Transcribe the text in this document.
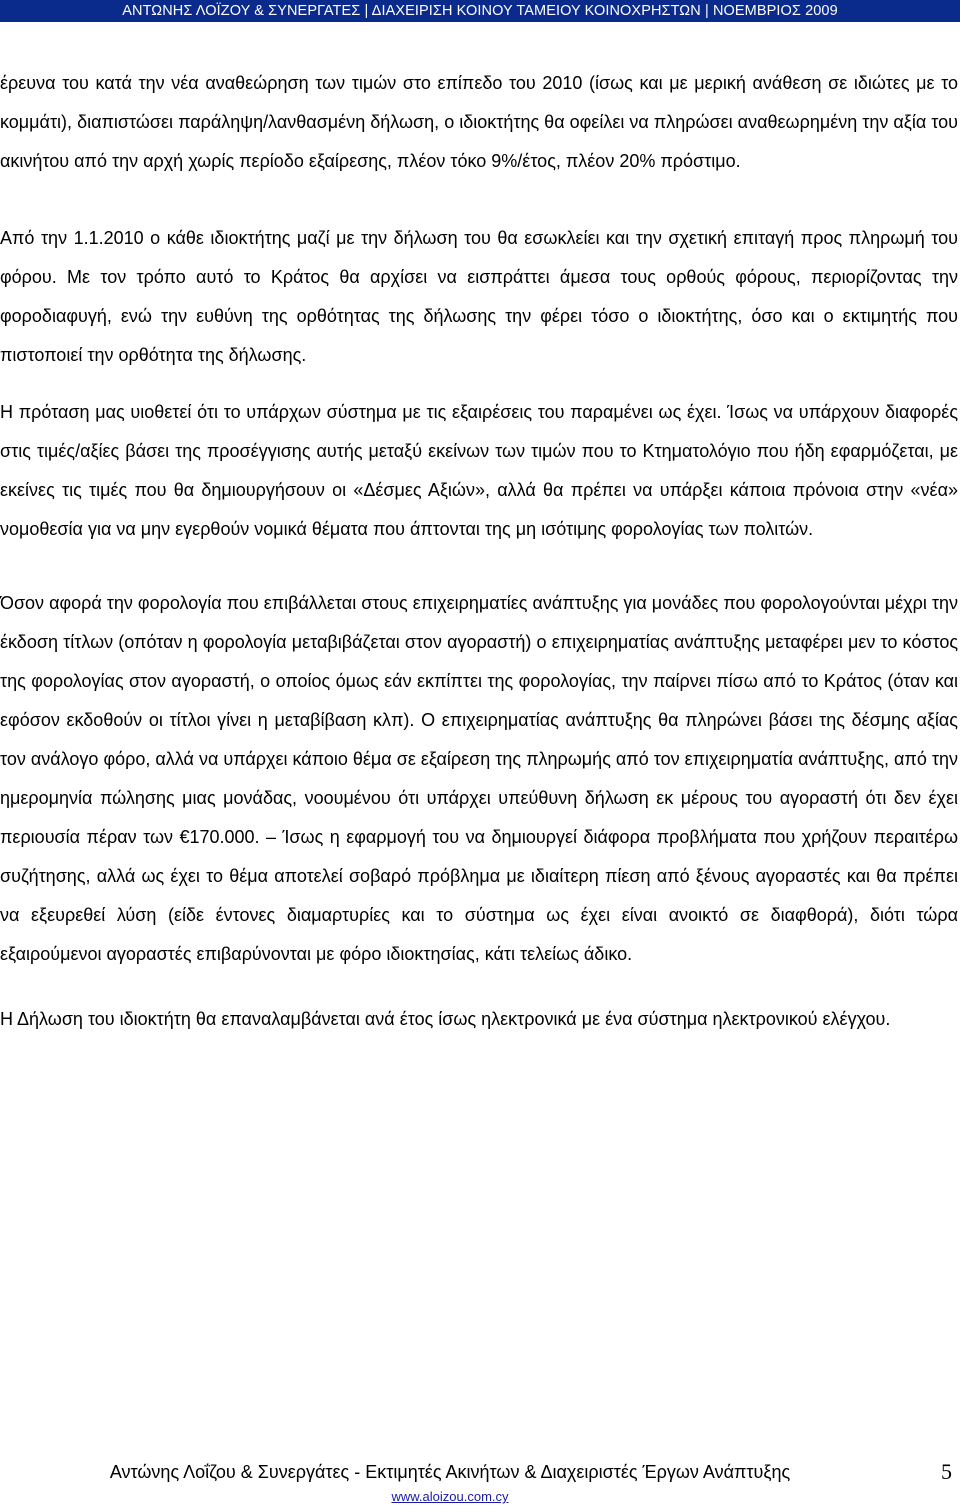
ΑΝΤΩΝΗΣ ΛΟΪΖΟΥ & ΣΥΝΕΡΓΑΤΕΣ | ΔΙΑΧΕΙΡΙΣΗ ΚΟΙΝΟΥ ΤΑΜΕΙΟΥ ΚΟΙΝΟΧΡΗΣΤΩΝ | ΝΟΕΜΒΡΙΟΣ 2009

έρευνα του κατά την νέα αναθεώρηση των τιμών στο επίπεδο του 2010 (ίσως και με μερική ανάθεση σε ιδιώτες με το κομμάτι), διαπιστώσει παράληψη/λανθασμένη δήλωση, ο ιδιοκτήτης θα οφείλει να πληρώσει αναθεωρημένη την αξία του ακινήτου από την αρχή χωρίς περίοδο εξαίρεσης, πλέον τόκο 9%/έτος, πλέον 20% πρόστιμο.

Από την 1.1.2010 ο κάθε ιδιοκτήτης μαζί με την δήλωση του θα εσωκλείει και την σχετική επιταγή προς πληρωμή του φόρου. Με τον τρόπο αυτό το Κράτος θα αρχίσει να εισπράττει άμεσα τους ορθούς φόρους, περιορίζοντας την φοροδιαφυγή, ενώ την ευθύνη της ορθότητας της δήλωσης την φέρει τόσο ο ιδιοκτήτης, όσο και ο εκτιμητής που πιστοποιεί την ορθότητα της δήλωσης.

Η πρόταση μας υιοθετεί ότι το υπάρχων σύστημα με τις εξαιρέσεις του παραμένει ως έχει. Ίσως να υπάρχουν διαφορές στις τιμές/αξίες βάσει της προσέγγισης αυτής μεταξύ εκείνων των τιμών που το Κτηματολόγιο που ήδη εφαρμόζεται, με εκείνες τις τιμές που θα δημιουργήσουν οι «Δέσμες Αξιών», αλλά θα πρέπει να υπάρξει κάποια πρόνοια στην «νέα» νομοθεσία για να μην εγερθούν νομικά θέματα που άπτονται της μη ισότιμης φορολογίας των πολιτών.

Όσον αφορά την φορολογία που επιβάλλεται στους επιχειρηματίες ανάπτυξης για μονάδες που φορολογούνται μέχρι την έκδοση τίτλων (οπόταν η φορολογία μεταβιβάζεται στον αγοραστή) ο επιχειρηματίας ανάπτυξης μεταφέρει μεν το κόστος της φορολογίας στον αγοραστή, ο οποίος όμως εάν εκπίπτει της φορολογίας, την παίρνει πίσω από το Κράτος (όταν και εφόσον εκδοθούν οι τίτλοι γίνει η μεταβίβαση κλπ). Ο επιχειρηματίας ανάπτυξης θα πληρώνει βάσει της δέσμης αξίας τον ανάλογο φόρο, αλλά να υπάρχει κάποιο θέμα σε εξαίρεση της πληρωμής από τον επιχειρηματία ανάπτυξης, από την ημερομηνία πώλησης μιας μονάδας, νοουμένου ότι υπάρχει υπεύθυνη δήλωση εκ μέρους του αγοραστή ότι δεν έχει περιουσία πέραν των €170.000. – Ίσως η εφαρμογή του να δημιουργεί διάφορα προβλήματα που χρήζουν περαιτέρω συζήτησης, αλλά ως έχει το θέμα αποτελεί σοβαρό πρόβλημα με ιδιαίτερη πίεση από ξένους αγοραστές και θα πρέπει να εξευρεθεί λύση (είδε έντονες διαμαρτυρίες και το σύστημα ως έχει είναι ανοικτό σε διαφθορά), διότι τώρα εξαιρούμενοι αγοραστές επιβαρύνονται με φόρο ιδιοκτησίας, κάτι τελείως άδικο.

Η Δήλωση του ιδιοκτήτη θα επαναλαμβάνεται ανά έτος ίσως ηλεκτρονικά με ένα σύστημα ηλεκτρονικού ελέγχου.

Αντώνης Λοΐζου & Συνεργάτες - Εκτιμητές Ακινήτων & Διαχειριστές Έργων Ανάπτυξης
www.aloizou.com.cy
5
